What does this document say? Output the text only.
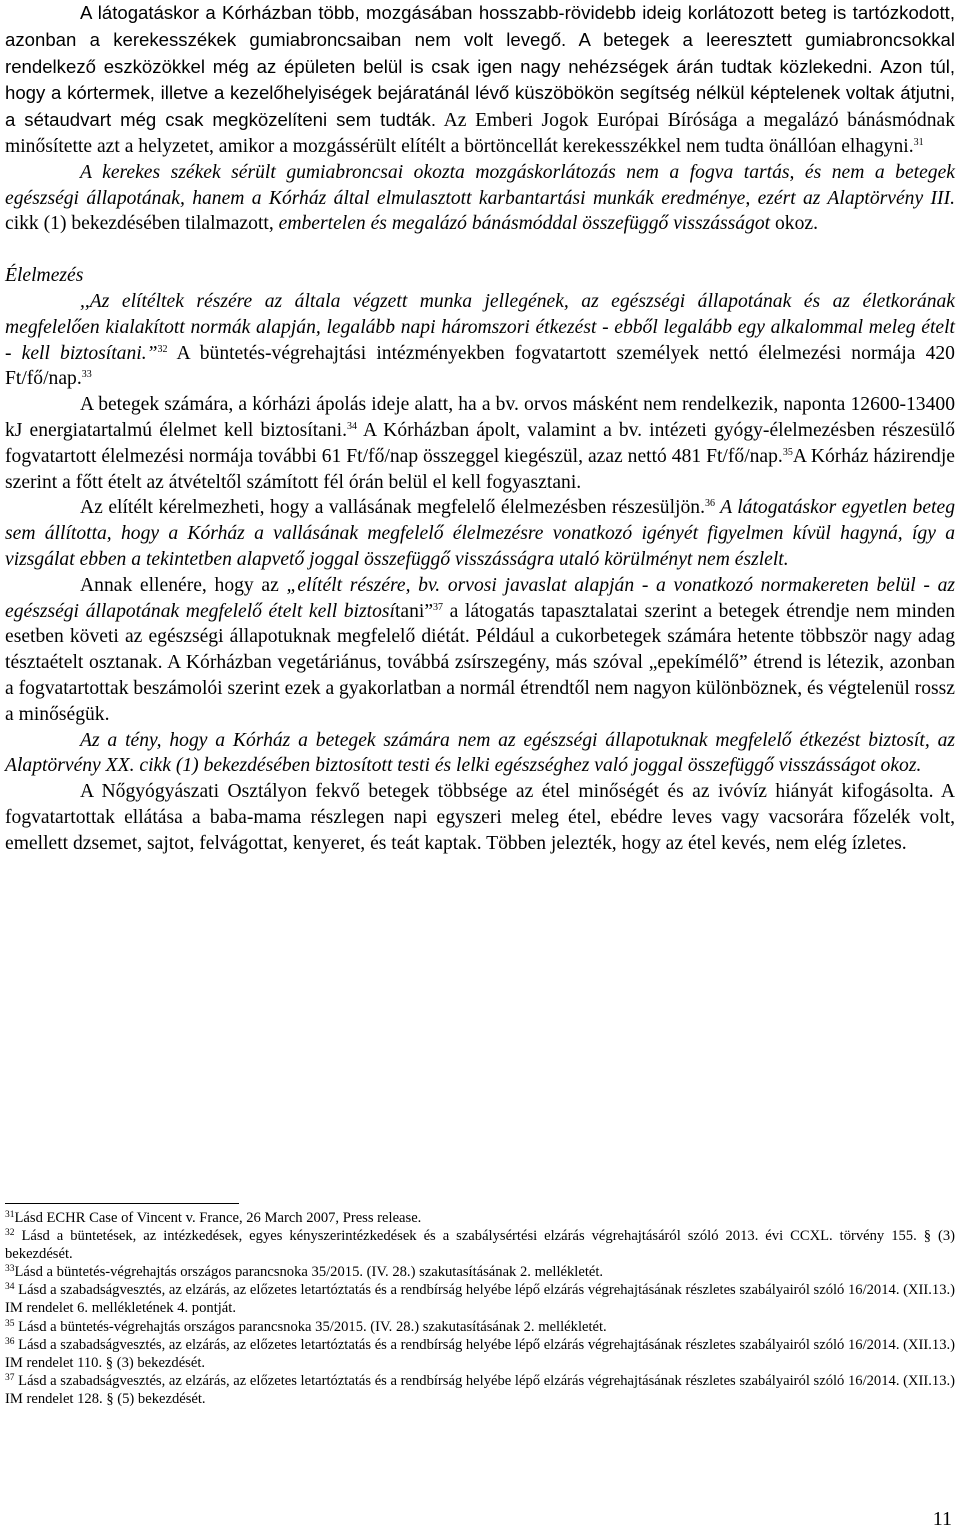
A látogatáskor a Kórházban több, mozgásában hosszabb-rövidebb ideig korlátozott beteg is tartózkodott, azonban a kerekesszékek gumiabroncsaiban nem volt levegő. A betegek a leeresztett gumiabroncsokkal rendelkező eszközökkel még az épületen belül is csak igen nagy nehézségek árán tudtak közlekedni. Azon túl, hogy a kórtermek, illetve a kezelőhelyiségek bejáratánál lévő küszöbökön segítség nélkül képtelenek voltak átjutni, a sétaudvart még csak megközelíteni sem tudták. Az Emberi Jogok Európai Bírósága a megalázó bánásmódnak minősítette azt a helyzetet, amikor a mozgássérült elítélt a börtöncellát kerekesszékkel nem tudta önállóan elhagyni.$^{31}$

A kerekes székek sérült gumiabroncsai okozta mozgáskorlátozás nem a fogva tartás, és nem a betegek egészségi állapotának, hanem a Kórház által elmulasztott karbantartási munkák eredménye, ezért az Alaptörvény III. cikk (1) bekezdésében tilalmazott, embertelen és megalázó bánásmóddal összefüggő visszásságot okoz.

Élelmezés

,,Az elítéltek részére az általa végzett munka jellegének, az egészségi állapotának és az életkorának megfelelően kialakított normák alapján, legalább napi háromszori étkezést - ebből legalább egy alkalommal meleg ételt - kell biztosítani.”$^{32}$ A büntetés-végrehajtási intézményekben fogvatartott személyek nettó élelmezési normája 420 Ft/fő/nap.$^{33}$

A betegek számára, a kórházi ápolás ideje alatt, ha a bv. orvos másként nem rendelkezik, naponta 12600-13400 kJ energiatartalmú élelmet kell biztosítani.$^{34}$ A Kórházban ápolt, valamint a bv. intézeti gyógy-élelmezésben részesülő fogvatartott élelmezési normája további 61 Ft/fő/nap összeggel kiegészül, azaz nettó 481 Ft/fő/nap.$^{35}$A Kórház házirendje szerint a főtt ételt az átvételtől számított fél órán belül el kell fogyasztani.

Az elítélt kérelmezheti, hogy a vallásának megfelelő élelmezésben részesüljön.$^{36}$ A látogatáskor egyetlen beteg sem állította, hogy a Kórház a vallásának megfelelő élelmezésre vonatkozó igényét figyelmen kívül hagyná, így a vizsgálat ebben a tekintetben alapvető joggal összefüggő visszásságra utaló körülményt nem észlelt.

Annak ellenére, hogy az „elítélt részére, bv. orvosi javaslat alapján - a vonatkozó normakereten belül - az egészségi állapotának megfelelő ételt kell biztosítani”$^{37}$ a látogatás tapasztalatai szerint a betegek étrendje nem minden esetben követi az egészségi állapotuknak megfelelő diétát. Például a cukorbetegek számára hetente többször nagy adag tésztaételt osztanak. A Kórházban vegetáriánus, továbbá zsírszegény, más szóval „epekímélő” étrend is létezik, azonban a fogvatartottak beszámolói szerint ezek a gyakorlatban a normál étrendtől nem nagyon különböznek, és végtelenül rossz a minőségük.

Az a tény, hogy a Kórház a betegek számára nem az egészségi állapotuknak megfelelő étkezést biztosít, az Alaptörvény XX. cikk (1) bekezdésében biztosított testi és lelki egészséghez való joggal összefüggő visszásságot okoz.

A Nőgyógyászati Osztályon fekvő betegek többsége az étel minőségét és az ivóvíz hiányát kifogásolta. A fogvatartottak ellátása a baba-mama részlegen napi egyszeri meleg étel, ebédre leves vagy vacsorára főzelék volt, emellett dzsemet, sajtot, felvágottat, kenyeret, és teát kaptak. Többen jelezték, hogy az étel kevés, nem elég ízletes.

$^{31}$Lásd ECHR Case of Vincent v. France, 26 March 2007, Press release.

$^{32}$ Lásd a büntetések, az intézkedések, egyes kényszerintézkedések és a szabálysértési elzárás végrehajtásáról szóló 2013. évi CCXL. törvény 155. § (3) bekezdését.

$^{33}$Lásd a büntetés-végrehajtás országos parancsnoka 35/2015. (IV. 28.) szakutasításának 2. mellékletét.

$^{34}$ Lásd a szabadságvesztés, az elzárás, az előzetes letartóztatás és a rendbírság helyébe lépő elzárás végrehajtásának részletes szabályairól szóló 16/2014. (XII.13.) IM rendelet 6. mellékletének 4. pontját.

$^{35}$ Lásd a büntetés-végrehajtás országos parancsnoka 35/2015. (IV. 28.) szakutasításának 2. mellékletét.

$^{36}$ Lásd a szabadságvesztés, az elzárás, az előzetes letartóztatás és a rendbírság helyébe lépő elzárás végrehajtásának részletes szabályairól szóló 16/2014. (XII.13.) IM rendelet 110. § (3) bekezdését.

$^{37}$ Lásd a szabadságvesztés, az elzárás, az előzetes letartóztatás és a rendbírság helyébe lépő elzárás végrehajtásának részletes szabályairól szóló 16/2014. (XII.13.) IM rendelet 128. § (5) bekezdését.

11
